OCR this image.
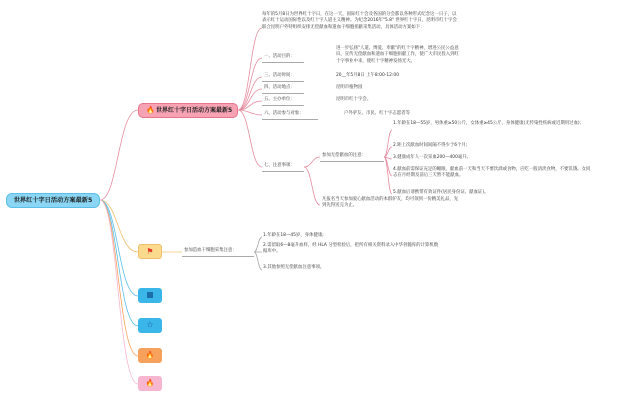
世界红十字日活动方案最新5
🔥 世界红十字日活动方案最新5
每年的5月8日为世界红十字日，在这一天，国际红十会及各国的分会都以各种形式纪念这一日子，以表示红十运动国际性以及红十字人道主义精神。为纪念2016年"5.8" 世界红十字日，昆明市红十字会联合昆明户外特组织安排无偿献血和遗血干细胞捐献采集活动，具体活动方案如下：
一、活动目的：
进一步弘扬"人道、博爱、奉献"的红十字精神，增进公民公益意识，宣传无偿献血和遗血干细胞捐献工作，使广大市民投入到红十字事业中来，使红十字精神发扬光大。
三、活动时间：	20__年5月8日 上午8:00-12:00
四、活动地点：	昆明市植物园
五、主办单位：	昆明市红十字会。
六、活动参与对象：	户外驴友、市民、红十字志愿者等
七、注意事项：
参加无偿献血的注意：
1.年龄在18—55岁，男体重≥50公斤，女体重≥45公斤，身体健康(无传染性疾病或近期用过血)；
2.距上次献血时间间隔不得少于6个月;
3.健康成年人一次采血200—400毫升。
4.献血前需保证充足的睡眠，献血前一天和当天不要饮酒或食物，应吃一般清淡食物，不要饥饿。女同志在月经期及前后三天暂不能献血。
5.献血后请携带有效证件(居民身份证、献血证)。
凡报名当天参加爱心献血活动的本群驴友，均可领到一份精美礼品，先到先得送完为止。
⚑	参加造血干细胞采集注意：
1.年龄在18—45岁，身体健康;
2.需留取6—8毫升血样，经 HLA 分型检验后，把所有相关资料录入中华骨髓库的计算机数据库中。
3.其他参照无偿献血注意事项。
☆
🔥
🔥
